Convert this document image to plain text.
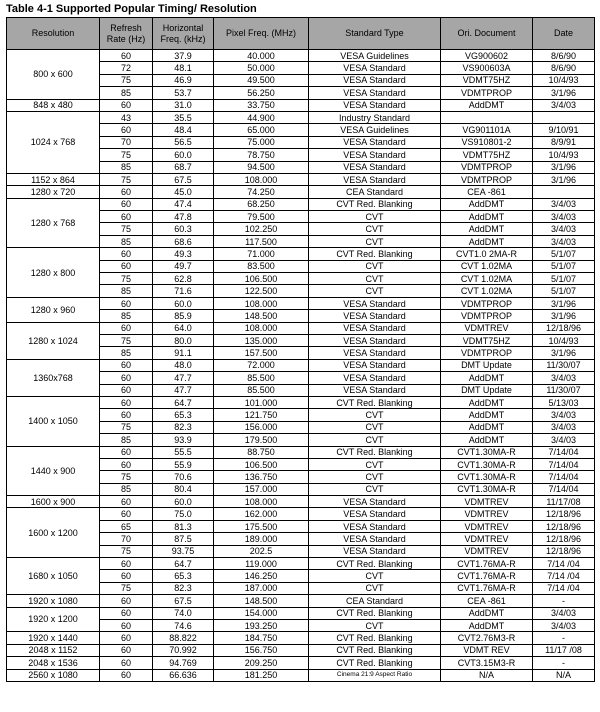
Table 4-1 Supported Popular Timing/ Resolution
Resolution	Refresh Rate (Hz)	Horizontal Freq. (kHz)	Pixel Freq. (MHz)	Standard Type	Ori. Document	Date
800 x 600	60	37.9	40.000	VESA Guidelines	VG900602	8/6/90
	72	48.1	50.000	VESA Standard	VS900603A	8/6/90
	75	46.9	49.500	VESA Standard	VDMT75HZ	10/4/93
	85	53.7	56.250	VESA Standard	VDMTPROP	3/1/96
848 x 480	60	31.0	33.750	VESA Standard	AddDMT	3/4/03
1024 x 768	43	35.5	44.900	Industry Standard		
	60	48.4	65.000	VESA Guidelines	VG901101A	9/10/91
	70	56.5	75.000	VESA Standard	VS910801-2	8/9/91
	75	60.0	78.750	VESA Standard	VDMT75HZ	10/4/93
	85	68.7	94.500	VESA Standard	VDMTPROP	3/1/96
1152 x 864	75	67.5	108.000	VESA Standard	VDMTPROP	3/1/96
1280 x 720	60	45.0	74.250	CEA Standard	CEA -861	
1280 x 768	60	47.4	68.250	CVT Red. Blanking	AddDMT	3/4/03
	60	47.8	79.500	CVT	AddDMT	3/4/03
	75	60.3	102.250	CVT	AddDMT	3/4/03
	85	68.6	117.500	CVT	AddDMT	3/4/03
1280 x 800	60	49.3	71.000	CVT Red. Blanking	CVT1.0 2MA-R	5/1/07
	60	49.7	83.500	CVT	CVT 1.02MA	5/1/07
	75	62.8	106.500	CVT	CVT 1.02MA	5/1/07
	85	71.6	122.500	CVT	CVT 1.02MA	5/1/07
1280 x 960	60	60.0	108.000	VESA Standard	VDMTPROP	3/1/96
	85	85.9	148.500	VESA Standard	VDMTPROP	3/1/96
1280 x 1024	60	64.0	108.000	VESA Standard	VDMTREV	12/18/96
	75	80.0	135.000	VESA Standard	VDMT75HZ	10/4/93
	85	91.1	157.500	VESA Standard	VDMTPROP	3/1/96
1360x768	60	48.0	72.000	VESA Standard	DMT Update	11/30/07
	60	47.7	85.500	VESA Standard	AddDMT	3/4/03
	60	47.7	85.500	VESA Standard	DMT Update	11/30/07
1400 x 1050	60	64.7	101.000	CVT Red. Blanking	AddDMT	5/13/03
	60	65.3	121.750	CVT	AddDMT	3/4/03
	75	82.3	156.000	CVT	AddDMT	3/4/03
	85	93.9	179.500	CVT	AddDMT	3/4/03
1440 x 900	60	55.5	88.750	CVT Red. Blanking	CVT1.30MA-R	7/14/04
	60	55.9	106.500	CVT	CVT1.30MA-R	7/14/04
	75	70.6	136.750	CVT	CVT1.30MA-R	7/14/04
	85	80.4	157.000	CVT	CVT1.30MA-R	7/14/04
1600 x 900	60	60.0	108.000	VESA Standard	VDMTREV	11/17/08
1600 x 1200	60	75.0	162.000	VESA Standard	VDMTREV	12/18/96
	65	81.3	175.500	VESA Standard	VDMTREV	12/18/96
	70	87.5	189.000	VESA Standard	VDMTREV	12/18/96
	75	93.75	202.5	VESA Standard	VDMTREV	12/18/96
1680 x 1050	60	64.7	119.000	CVT Red. Blanking	CVT1.76MA-R	7/14 /04
	60	65.3	146.250	CVT	CVT1.76MA-R	7/14 /04
	75	82.3	187.000	CVT	CVT1.76MA-R	7/14 /04
1920 x 1080	60	67.5	148.500	CEA Standard	CEA -861	-
1920 x 1200	60	74.0	154.000	CVT Red. Blanking	AddDMT	3/4/03
	60	74.6	193.250	CVT	AddDMT	3/4/03
1920 x 1440	60	88.822	184.750	CVT Red. Blanking	CVT2.76M3-R	-
2048 x 1152	60	70.992	156.750	CVT Red. Blanking	VDMT REV	11/17 /08
2048 x 1536	60	94.769	209.250	CVT Red. Blanking	CVT3.15M3-R	-
2560 x 1080	60	66.636	181.250	Cinema 21:9 Aspect Ratio	N/A	N/A
